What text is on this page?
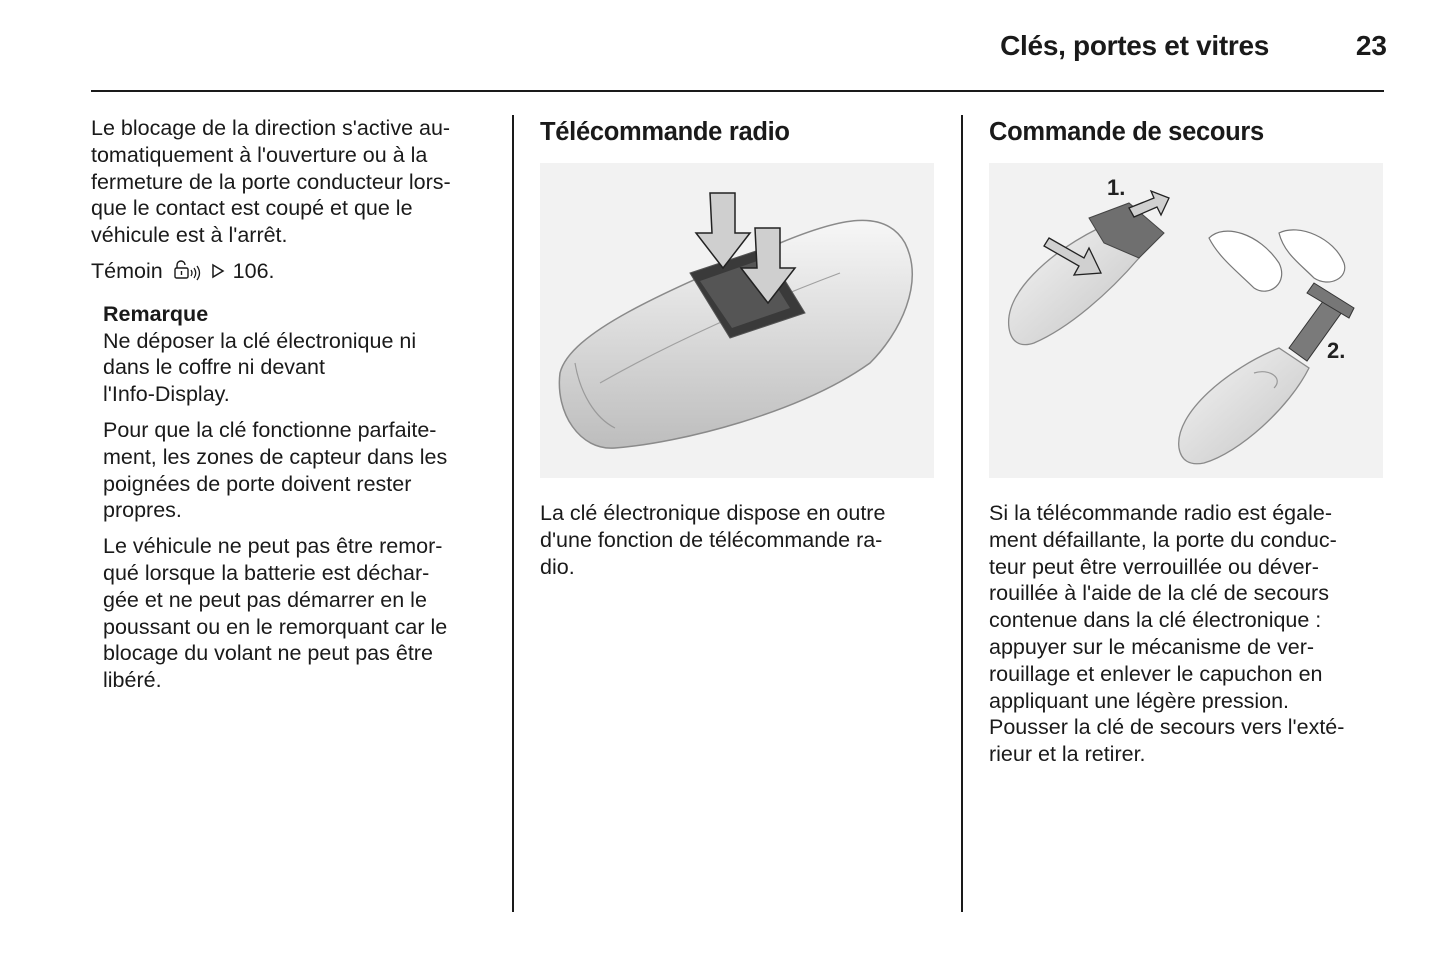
Clés, portes et vitres	23

Le blocage de la direction s'active au-
tomatiquement à l'ouverture ou à la
fermeture de la porte conducteur lors-
que le contact est coupé et que le
véhicule est à l'arrêt.

Témoin	106.

Remarque

Ne déposer la clé électronique ni
dans le coffre ni devant
l'Info-Display.

Pour que la clé fonctionne parfaite-
ment, les zones de capteur dans les
poignées de porte doivent rester
propres.

Le véhicule ne peut pas être remor-
qué lorsque la batterie est déchar-
gée et ne peut pas démarrer en le
poussant ou en le remorquant car le
blocage du volant ne peut pas être
libéré.

Télécommande radio

La clé électronique dispose en outre
d'une fonction de télécommande ra-
dio.

Commande de secours
1.
2.

Si la télécommande radio est égale-
ment défaillante, la porte du conduc-
teur peut être verrouillée ou déver-
rouillée à l'aide de la clé de secours
contenue dans la clé électronique :
appuyer sur le mécanisme de ver-
rouillage et enlever le capuchon en
appliquant une légère pression.
Pousser la clé de secours vers l'exté-
rieur et la retirer.
